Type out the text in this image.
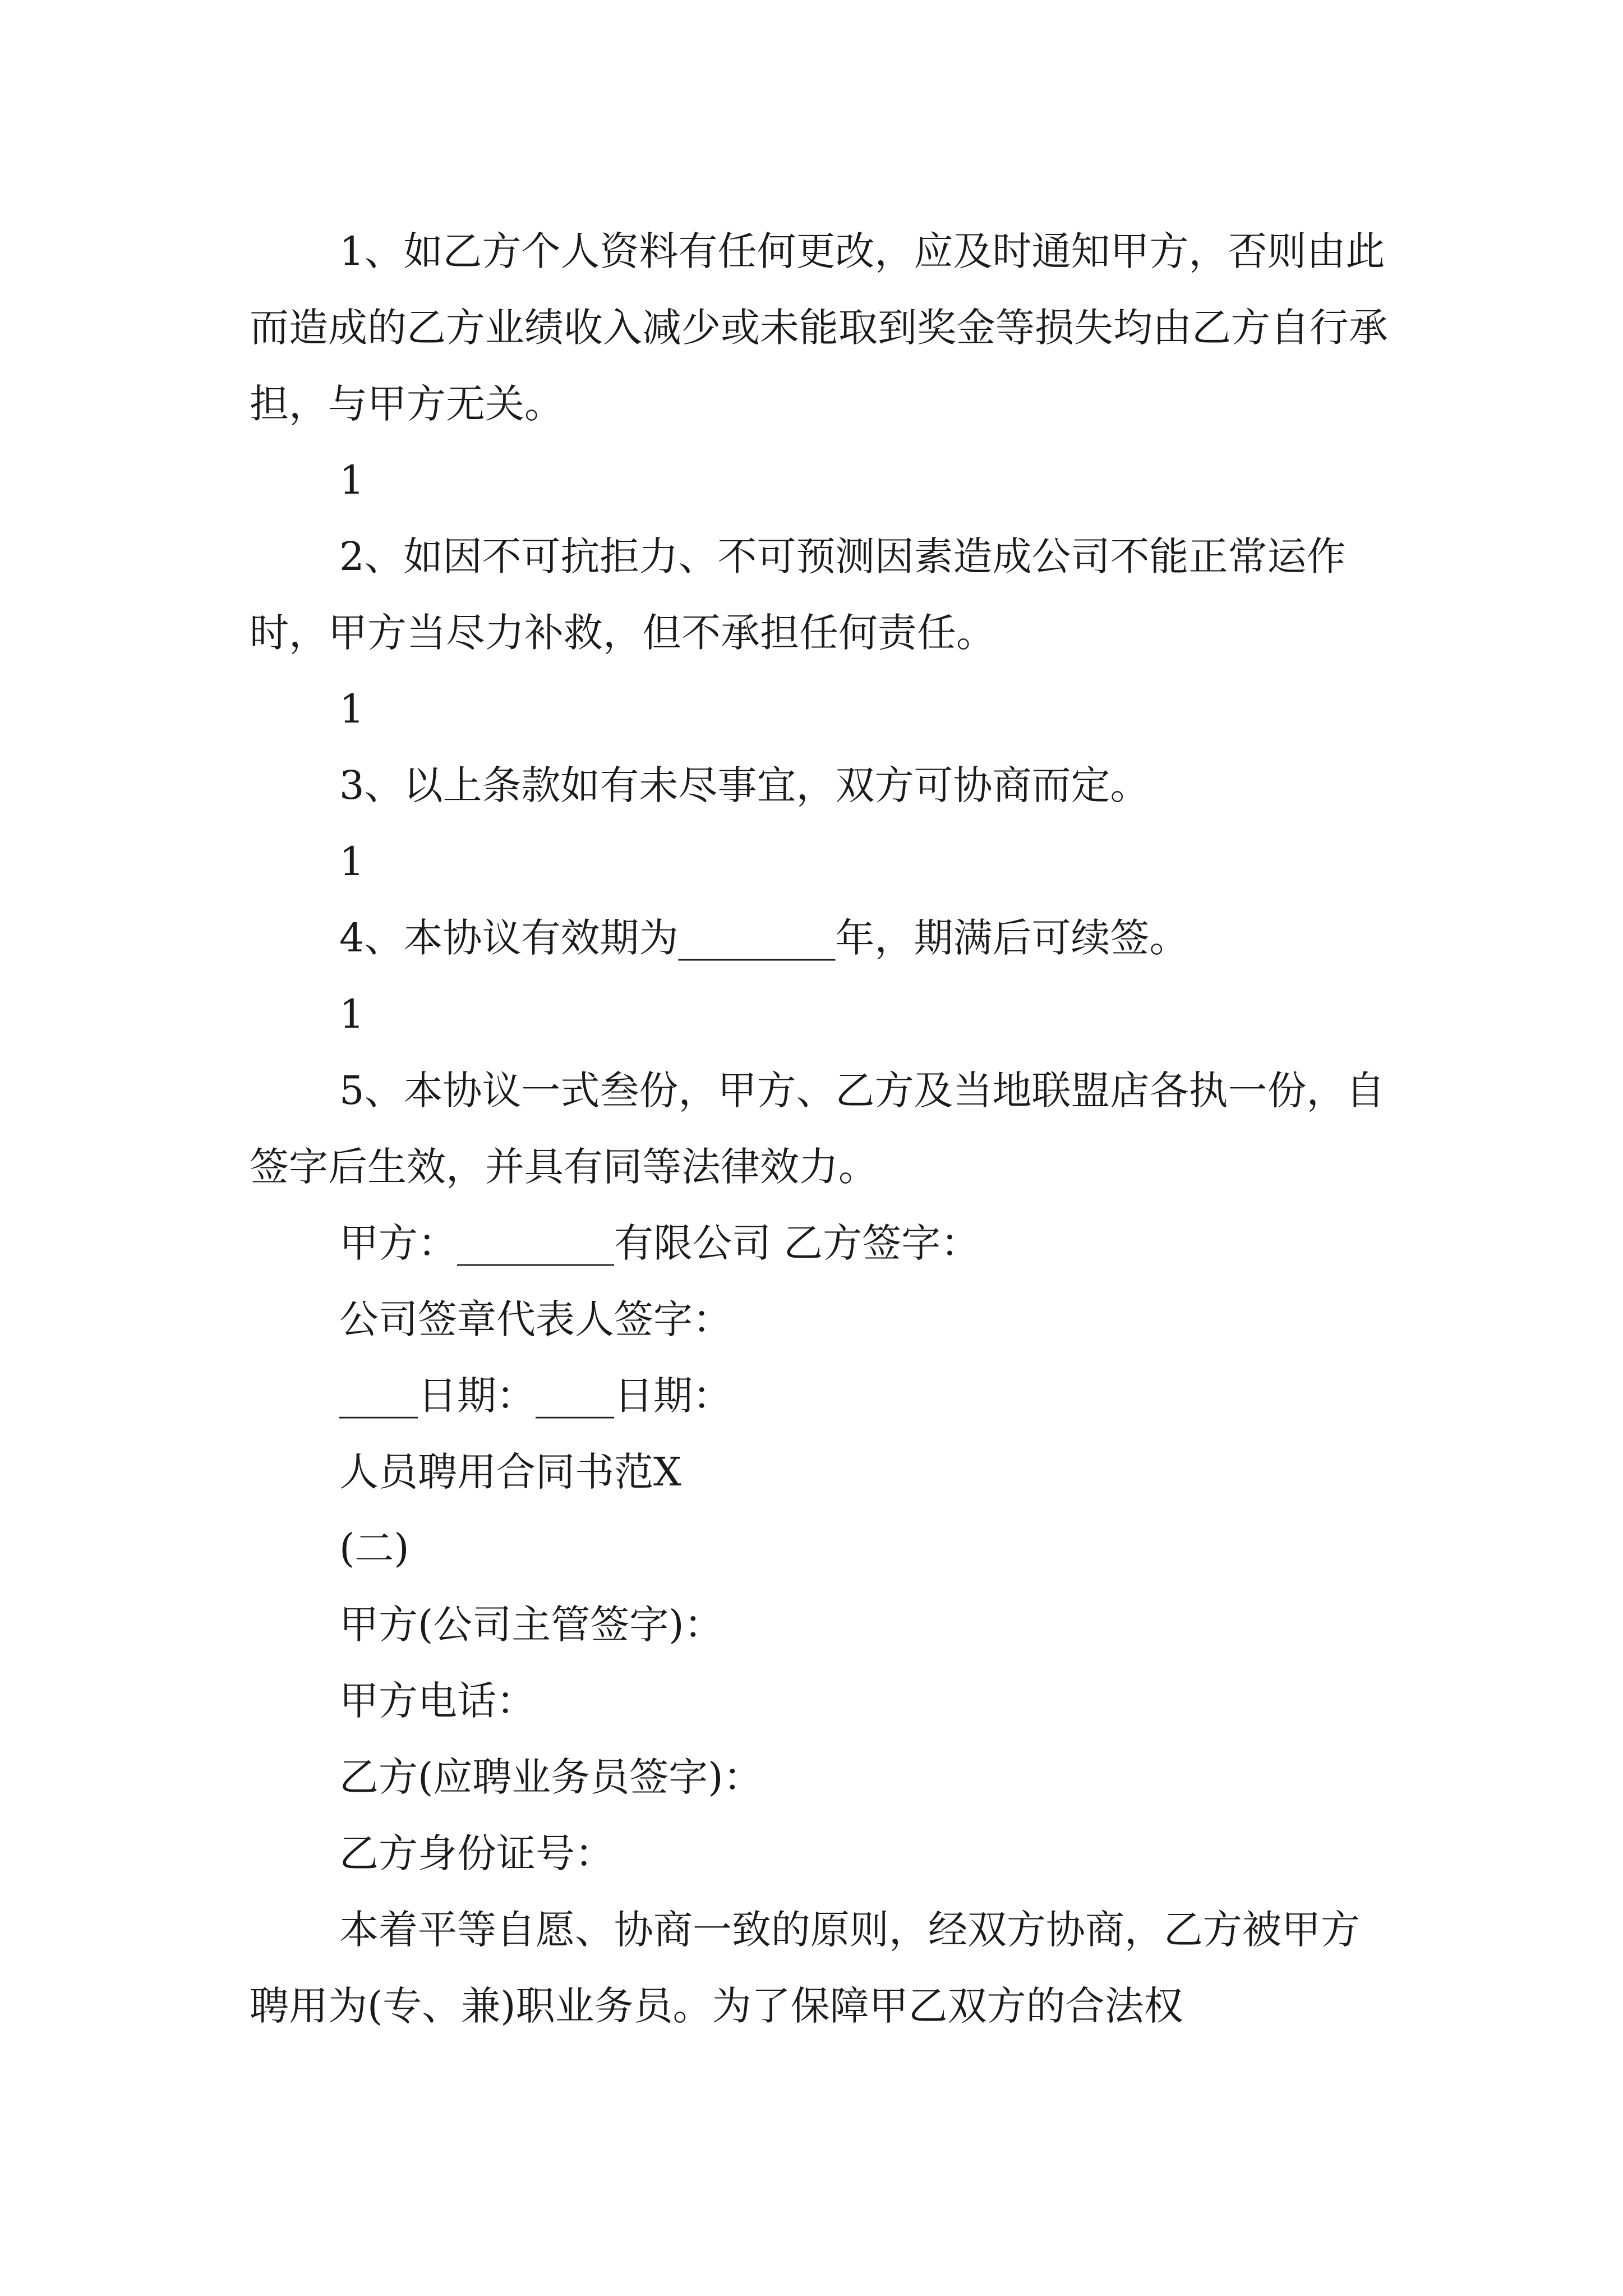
1、如乙方个人资料有任何更改，应及时通知甲方，否则由此而造成的乙方业绩收入减少或未能取到奖金等损失均由乙方自行承担，与甲方无关。

1

2、如因不可抗拒力、不可预测因素造成公司不能正常运作时，甲方当尽力补救，但不承担任何责任。

1

3、以上条款如有未尽事宜，双方可协商而定。

1

4、本协议有效期为________年，期满后可续签。

1

5、本协议一式叁份，甲方、乙方及当地联盟店各执一份，自签字后生效，并具有同等法律效力。

甲方：________有限公司 乙方签字：

公司签章代表人签字：

____日期：____日期：

人员聘用合同书范X

(二)

甲方(公司主管签字)：

甲方电话：

乙方(应聘业务员签字)：

乙方身份证号：

本着平等自愿、协商一致的原则，经双方协商，乙方被甲方聘用为(专、兼)职业务员。为了保障甲乙双方的合法权
